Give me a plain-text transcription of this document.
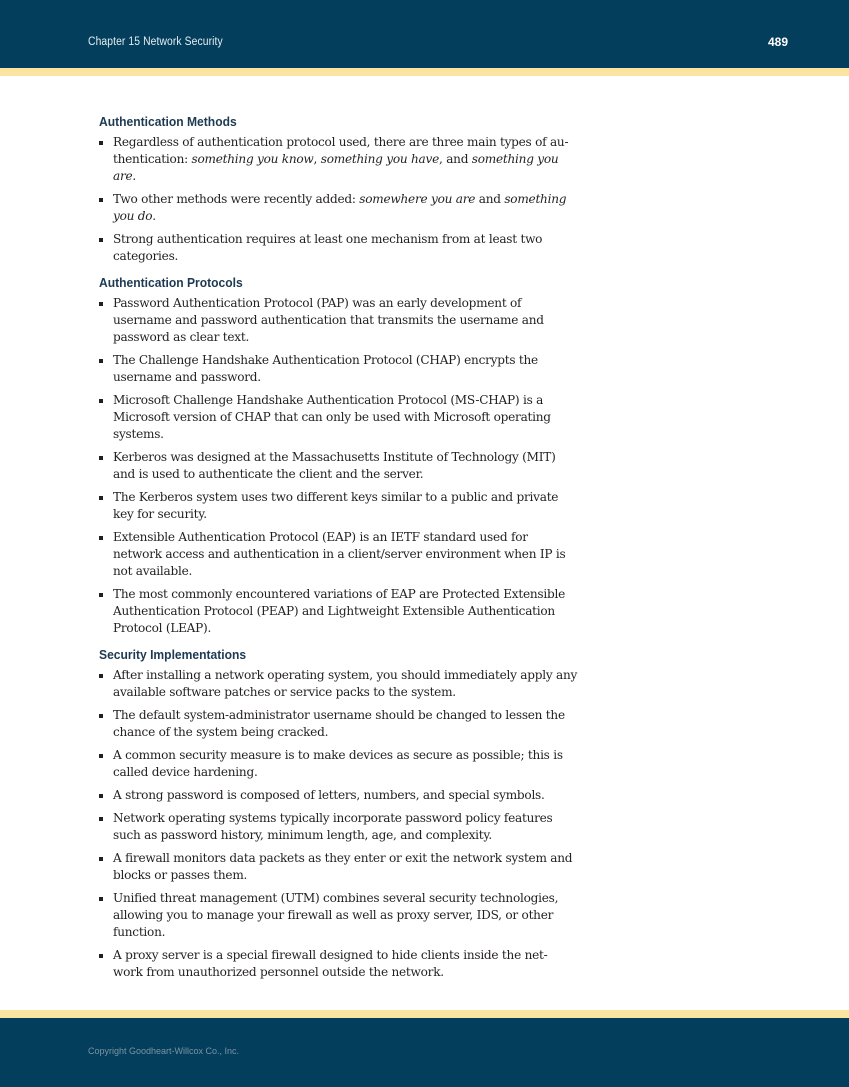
Chapter 15 Network Security	489
Authentication Methods
Regardless of authentication protocol used, there are three main types of au- thentication: something you know, something you have, and something you are.
Two other methods were recently added: somewhere you are and something you do.
Strong authentication requires at least one mechanism from at least two categories.
Authentication Protocols
Password Authentication Protocol (PAP) was an early development of username and password authentication that transmits the username and password as clear text.
The Challenge Handshake Authentication Protocol (CHAP) encrypts the username and password.
Microsoft Challenge Handshake Authentication Protocol (MS-CHAP) is a Microsoft version of CHAP that can only be used with Microsoft operating systems.
Kerberos was designed at the Massachusetts Institute of Technology (MIT) and is used to authenticate the client and the server.
The Kerberos system uses two different keys similar to a public and private key for security.
Extensible Authentication Protocol (EAP) is an IETF standard used for network access and authentication in a client/server environment when IP is not available.
The most commonly encountered variations of EAP are Protected Extensible Authentication Protocol (PEAP) and Lightweight Extensible Authentication Protocol (LEAP).
Security Implementations
After installing a network operating system, you should immediately apply any available software patches or service packs to the system.
The default system-administrator username should be changed to lessen the chance of the system being cracked.
A common security measure is to make devices as secure as possible; this is called device hardening.
A strong password is composed of letters, numbers, and special symbols.
Network operating systems typically incorporate password policy features such as password history, minimum length, age, and complexity.
A firewall monitors data packets as they enter or exit the network system and blocks or passes them.
Unified threat management (UTM) combines several security technologies, allowing you to manage your firewall as well as proxy server, IDS, or other function.
A proxy server is a special firewall designed to hide clients inside the net- work from unauthorized personnel outside the network.
Copyright Goodheart-Willcox Co., Inc.
